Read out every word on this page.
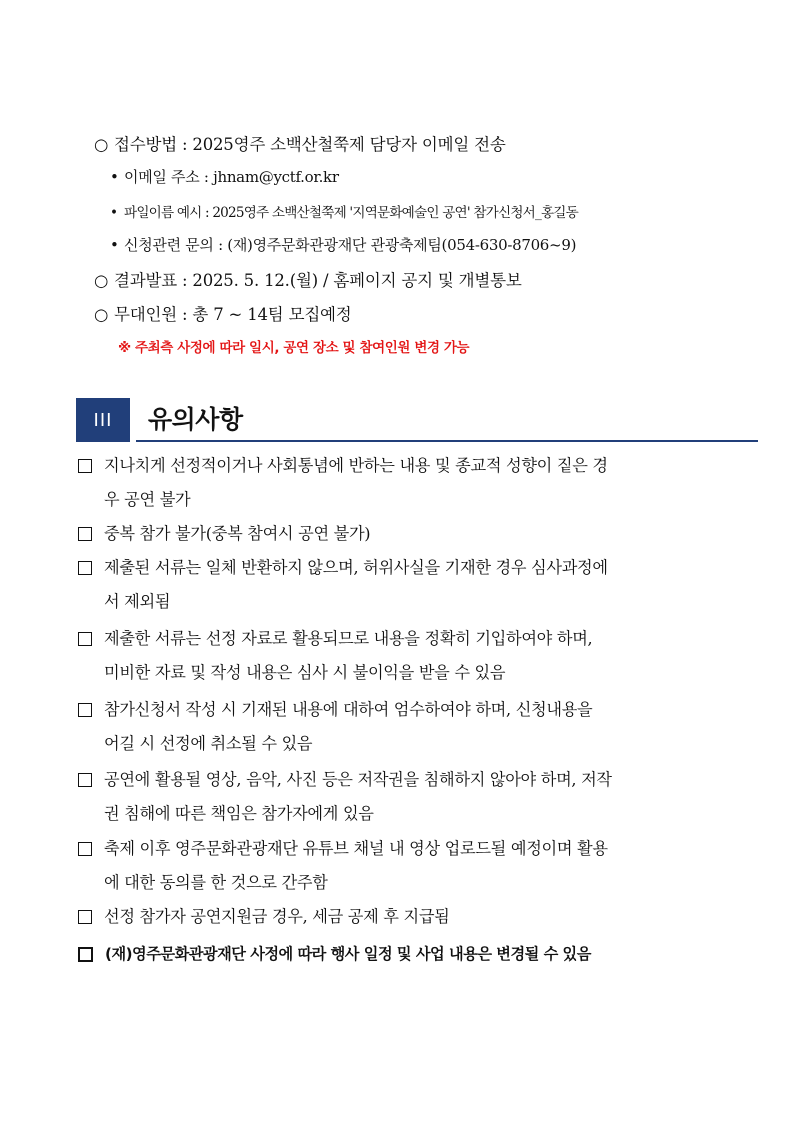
○ 접수방법 : 2025영주 소백산철쭉제 담당자 이메일 전송
• 이메일 주소 : jhnam@yctf.or.kr
• 파일이름 예시 : 2025영주 소백산철쭉제 '지역문화예술인 공연' 참가신청서_홍길동
• 신청관련 문의 : (재)영주문화관광재단 관광축제팀(054-630-8706~9)
○ 결과발표 : 2025. 5. 12.(월) / 홈페이지 공지 및 개별통보
○ 무대인원 : 총 7 ~ 14팀 모집예정
※ 주최측 사정에 따라 일시, 공연 장소 및 참여인원 변경 가능
III	유의사항
지나치게 선정적이거나 사회통념에 반하는 내용 및 종교적 성향이 짙은 경
우 공연 불가
중복 참가 불가(중복 참여시 공연 불가)
제출된 서류는 일체 반환하지 않으며, 허위사실을 기재한 경우 심사과정에
서 제외됨
제출한 서류는 선정 자료로 활용되므로 내용을 정확히 기입하여야 하며,
미비한 자료 및 작성 내용은 심사 시 불이익을 받을 수 있음
참가신청서 작성 시 기재된 내용에 대하여 엄수하여야 하며, 신청내용을
어길 시 선정에 취소될 수 있음
공연에 활용될 영상, 음악, 사진 등은 저작권을 침해하지 않아야 하며, 저작
권 침해에 따른 책임은 참가자에게 있음
축제 이후 영주문화관광재단 유튜브 채널 내 영상 업로드될 예정이며 활용
에 대한 동의를 한 것으로 간주함
선정 참가자 공연지원금 경우, 세금 공제 후 지급됨
(재)영주문화관광재단 사정에 따라 행사 일정 및 사업 내용은 변경될 수 있음
